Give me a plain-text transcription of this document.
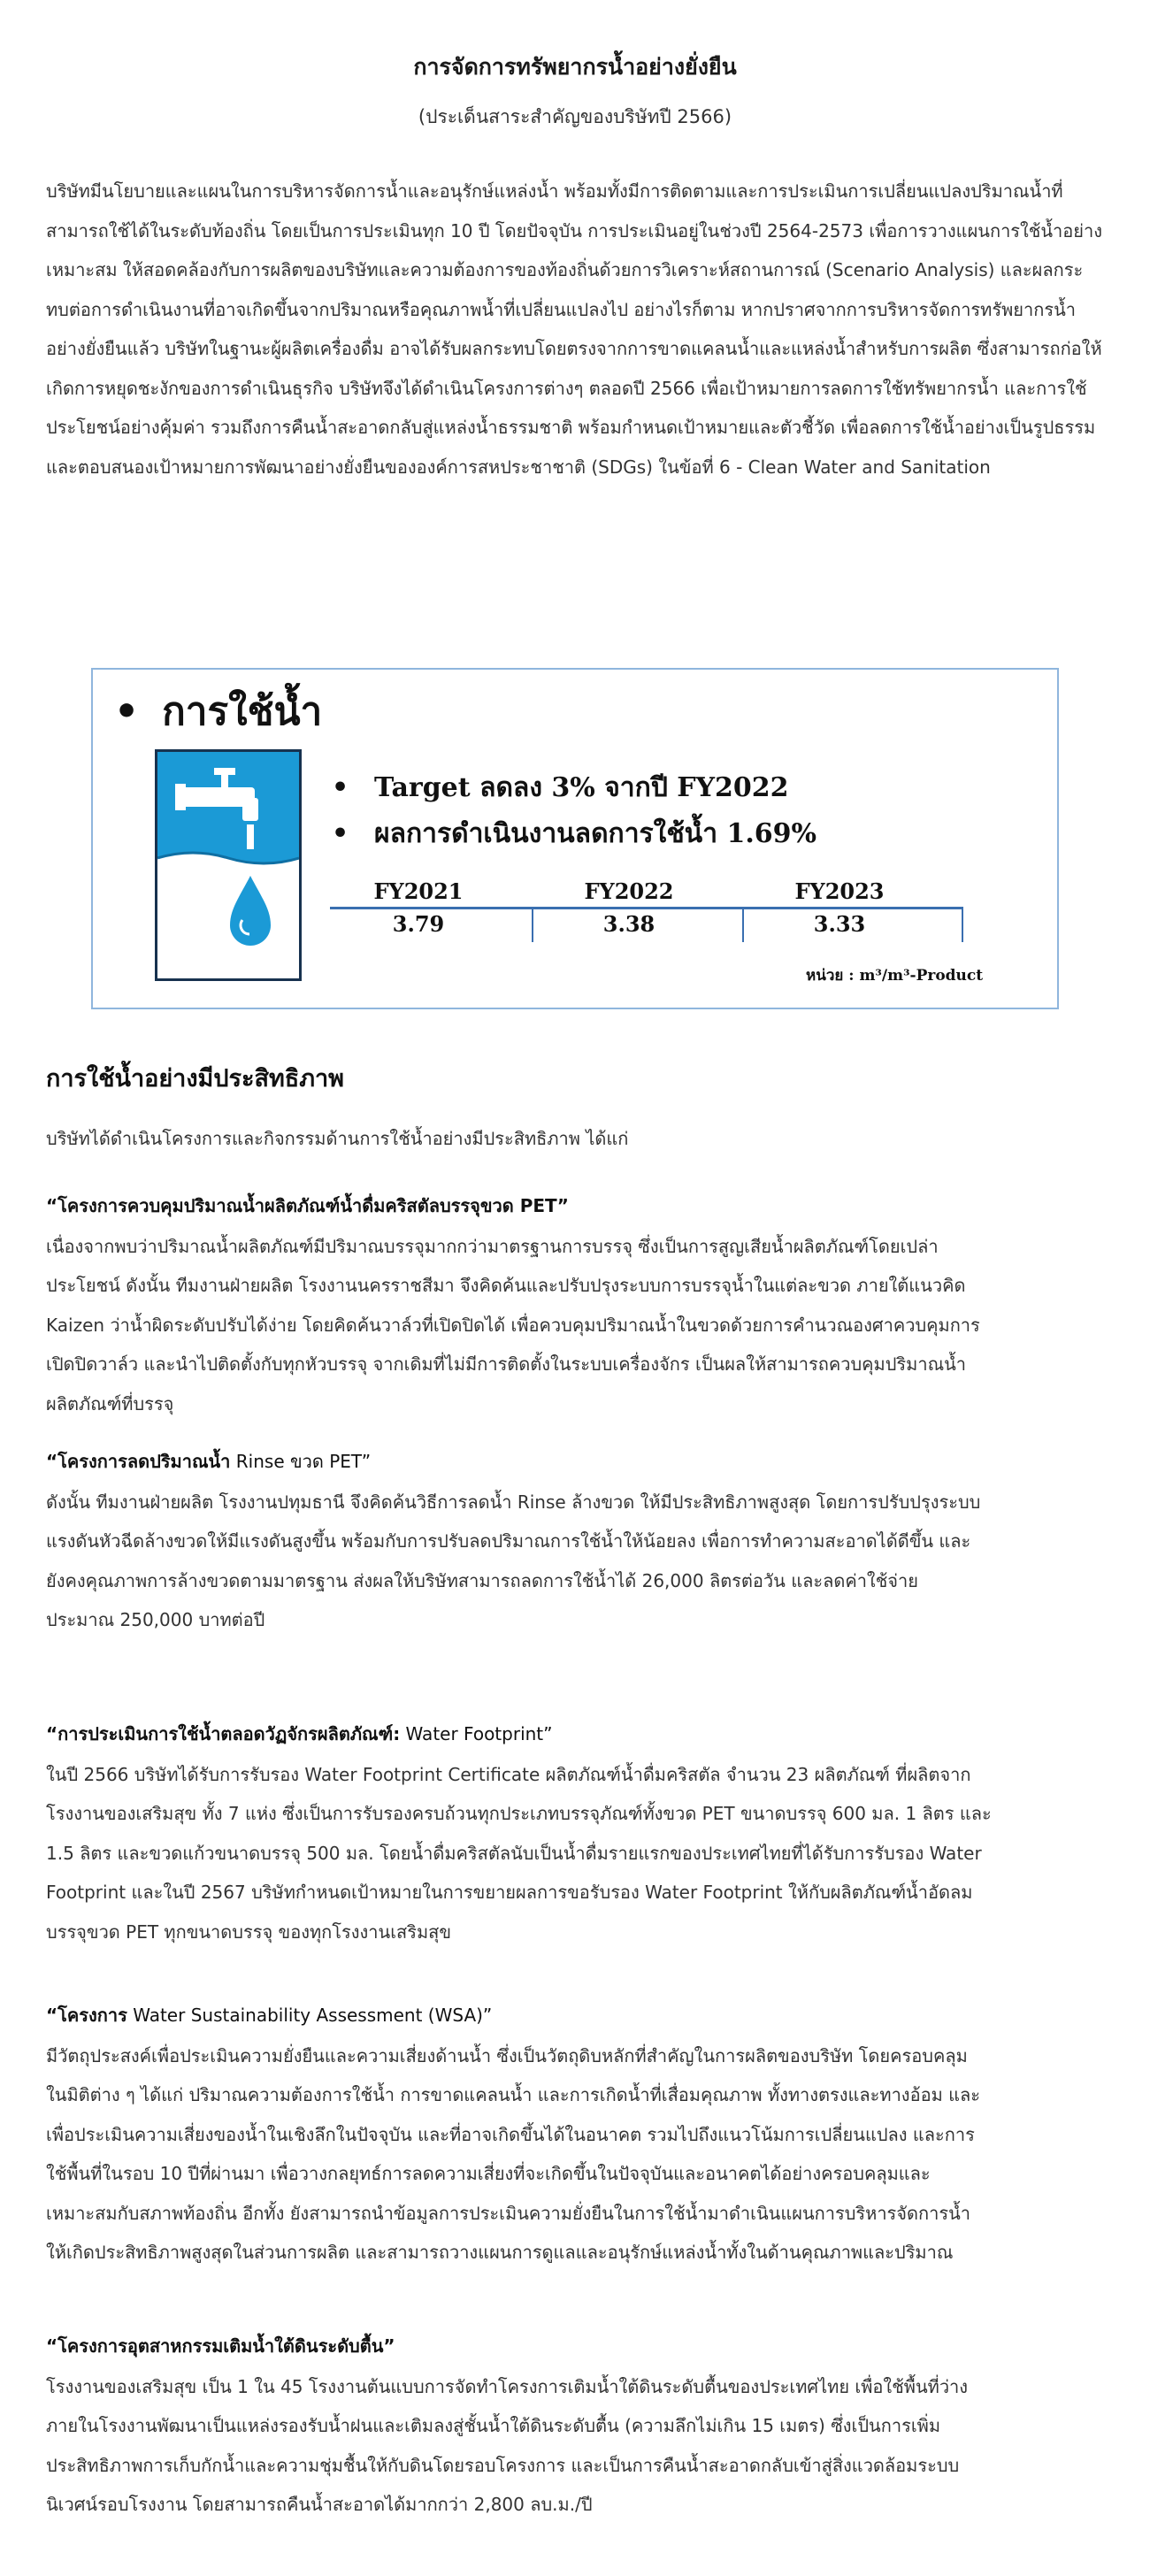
การจัดการทรัพยากรน้ำอย่างยั่งยืน
(ประเด็นสาระสำคัญของบริษัทปี 2566)

บริษัทมีนโยบายและแผนในการบริหารจัดการน้ำและอนุรักษ์แหล่งน้ำ พร้อมทั้งมีการติดตามและการประเมินการเปลี่ยนแปลงปริมาณน้ำที่สามารถใช้ได้ในระดับท้องถิ่น โดยเป็นการประเมินทุก 10 ปี โดยปัจจุบัน การประเมินอยู่ในช่วงปี 2564-2573 เพื่อการวางแผนการใช้น้ำอย่างเหมาะสม ให้สอดคล้องกับการผลิตของบริษัทและความต้องการของท้องถิ่นด้วยการวิเคราะห์สถานการณ์ (Scenario Analysis) และผลกระทบต่อการดำเนินงานที่อาจเกิดขึ้นจากปริมาณหรือคุณภาพน้ำที่เปลี่ยนแปลงไป อย่างไรก็ตาม หากปราศจากการบริหารจัดการทรัพยากรน้ำอย่างยั่งยืนแล้ว บริษัทในฐานะผู้ผลิตเครื่องดื่ม อาจได้รับผลกระทบโดยตรงจากการขาดแคลนน้ำและแหล่งน้ำสำหรับการผลิต ซึ่งสามารถก่อให้เกิดการหยุดชะงักของการดำเนินธุรกิจ บริษัทจึงได้ดำเนินโครงการต่างๆ ตลอดปี 2566 เพื่อเป้าหมายการลดการใช้ทรัพยากรน้ำ และการใช้ประโยชน์อย่างคุ้มค่า รวมถึงการคืนน้ำสะอาดกลับสู่แหล่งน้ำธรรมชาติ พร้อมกำหนดเป้าหมายและตัวชี้วัด เพื่อลดการใช้น้ำอย่างเป็นรูปธรรม และตอบสนองเป้าหมายการพัฒนาอย่างยั่งยืนขององค์การสหประชาชาติ (SDGs) ในข้อที่ 6 - Clean Water and Sanitation

• การใช้น้ำ
• Target ลดลง 3% จากปี FY2022
• ผลการดำเนินงานลดการใช้น้ำ 1.69%
FY2021	FY2022	FY2023
3.79	3.38	3.33
หน่วย : m³/m³-Product
การใช้น้ำอย่างมีประสิทธิภาพ
บริษัทได้ดำเนินโครงการและกิจกรรมด้านการใช้น้ำอย่างมีประสิทธิภาพ ได้แก่
“โครงการควบคุมปริมาณน้ำผลิตภัณฑ์น้ำดื่มคริสตัลบรรจุขวด PET”
เนื่องจากพบว่าปริมาณน้ำผลิตภัณฑ์มีปริมาณบรรจุมากกว่ามาตรฐานการบรรจุ ซึ่งเป็นการสูญเสียน้ำผลิตภัณฑ์โดยเปล่า
ประโยชน์ ดังนั้น ทีมงานฝ่ายผลิต โรงงานนครราชสีมา จึงคิดค้นและปรับปรุงระบบการบรรจุน้ำในแต่ละขวด ภายใต้แนวคิด
Kaizen ว่าน้ำผิดระดับปรับได้ง่าย โดยคิดค้นวาล์วที่เปิดปิดได้ เพื่อควบคุมปริมาณน้ำในขวดด้วยการคำนวณองศาควบคุมการ
เปิดปิดวาล์ว และนำไปติดตั้งกับทุกหัวบรรจุ จากเดิมที่ไม่มีการติดตั้งในระบบเครื่องจักร เป็นผลให้สามารถควบคุมปริมาณน้ำ
ผลิตภัณฑ์ที่บรรจุ
“โครงการลดปริมาณน้ำ Rinse ขวด PET”
ดังนั้น ทีมงานฝ่ายผลิต โรงงานปทุมธานี จึงคิดค้นวิธีการลดน้ำ Rinse ล้างขวด ให้มีประสิทธิภาพสูงสุด โดยการปรับปรุงระบบ
แรงดันหัวฉีดล้างขวดให้มีแรงดันสูงขึ้น พร้อมกับการปรับลดปริมาณการใช้น้ำให้น้อยลง เพื่อการทำความสะอาดได้ดีขึ้น และ
ยังคงคุณภาพการล้างขวดตามมาตรฐาน ส่งผลให้บริษัทสามารถลดการใช้น้ำได้ 26,000 ลิตรต่อวัน และลดค่าใช้จ่าย
ประมาณ 250,000 บาทต่อปี
“การประเมินการใช้น้ำตลอดวัฏจักรผลิตภัณฑ์: Water Footprint”
ในปี 2566 บริษัทได้รับการรับรอง Water Footprint Certificate ผลิตภัณฑ์น้ำดื่มคริสตัล จำนวน 23 ผลิตภัณฑ์ ที่ผลิตจาก
โรงงานของเสริมสุข ทั้ง 7 แห่ง ซึ่งเป็นการรับรองครบถ้วนทุกประเภทบรรจุภัณฑ์ทั้งขวด PET ขนาดบรรจุ 600 มล. 1 ลิตร และ
1.5 ลิตร และขวดแก้วขนาดบรรจุ 500 มล. โดยน้ำดื่มคริสตัลนับเป็นน้ำดื่มรายแรกของประเทศไทยที่ได้รับการรับรอง Water
Footprint และในปี 2567 บริษัทกำหนดเป้าหมายในการขยายผลการขอรับรอง Water Footprint ให้กับผลิตภัณฑ์น้ำอัดลม
บรรจุขวด PET ทุกขนาดบรรจุ ของทุกโรงงานเสริมสุข
“โครงการ Water Sustainability Assessment (WSA)”
มีวัตถุประสงค์เพื่อประเมินความยั่งยืนและความเสี่ยงด้านน้ำ ซึ่งเป็นวัตถุดิบหลักที่สำคัญในการผลิตของบริษัท โดยครอบคลุม
ในมิติต่าง ๆ ได้แก่ ปริมาณความต้องการใช้น้ำ การขาดแคลนน้ำ และการเกิดน้ำที่เสื่อมคุณภาพ ทั้งทางตรงและทางอ้อม และ
เพื่อประเมินความเสี่ยงของน้ำในเชิงลึกในปัจจุบัน และที่อาจเกิดขึ้นได้ในอนาคต รวมไปถึงแนวโน้มการเปลี่ยนแปลง และการ
ใช้พื้นที่ในรอบ 10 ปีที่ผ่านมา เพื่อวางกลยุทธ์การลดความเสี่ยงที่จะเกิดขึ้นในปัจจุบันและอนาคตได้อย่างครอบคลุมและ
เหมาะสมกับสภาพท้องถิ่น อีกทั้ง ยังสามารถนำข้อมูลการประเมินความยั่งยืนในการใช้น้ำมาดำเนินแผนการบริหารจัดการน้ำ
ให้เกิดประสิทธิภาพสูงสุดในส่วนการผลิต และสามารถวางแผนการดูแลและอนุรักษ์แหล่งน้ำทั้งในด้านคุณภาพและปริมาณ
“โครงการอุตสาหกรรมเติมน้ำใต้ดินระดับตื้น”
โรงงานของเสริมสุข เป็น 1 ใน 45 โรงงานต้นแบบการจัดทำโครงการเติมน้ำใต้ดินระดับตื้นของประเทศไทย เพื่อใช้พื้นที่ว่าง
ภายในโรงงานพัฒนาเป็นแหล่งรองรับน้ำฝนและเติมลงสู่ชั้นน้ำใต้ดินระดับตื้น (ความลึกไม่เกิน 15 เมตร) ซึ่งเป็นการเพิ่ม
ประสิทธิภาพการเก็บกักน้ำและความชุ่มชื้นให้กับดินโดยรอบโครงการ และเป็นการคืนน้ำสะอาดกลับเข้าสู่สิ่งแวดล้อมระบบ
นิเวศน์รอบโรงงาน โดยสามารถคืนน้ำสะอาดได้มากกว่า 2,800 ลบ.ม./ปี
